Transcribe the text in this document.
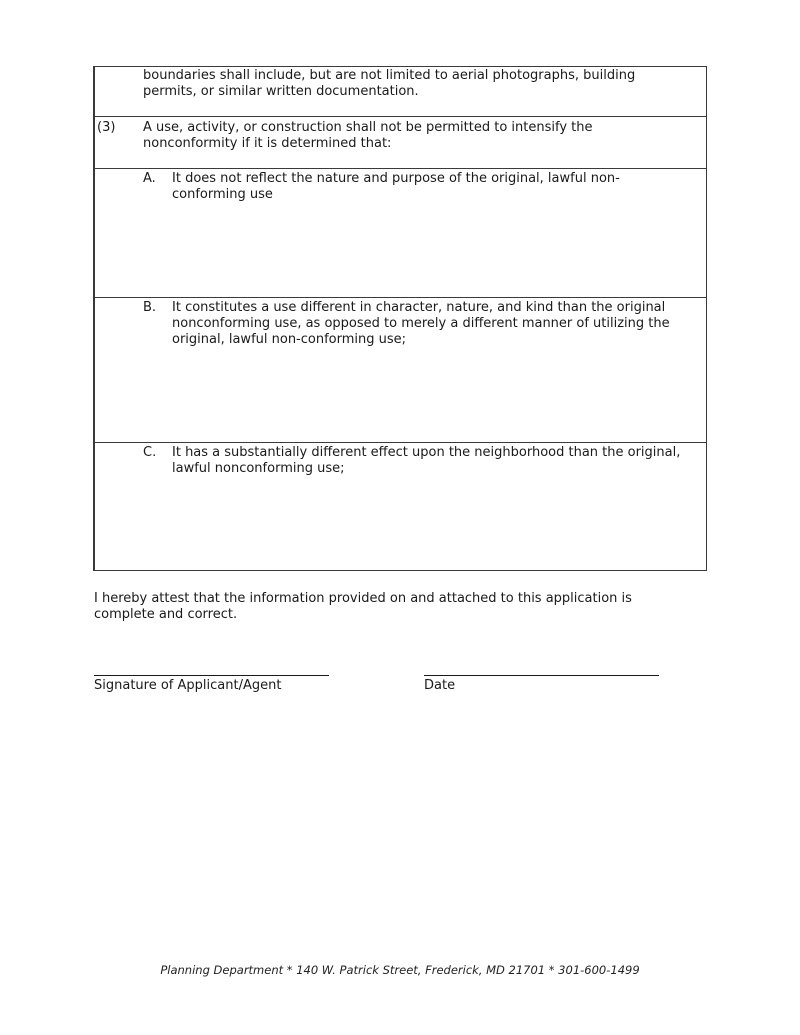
boundaries shall include, but are not limited to aerial photographs, building permits, or similar written documentation.
(3) A use, activity, or construction shall not be permitted to intensify the nonconformity if it is determined that:
A. It does not reflect the nature and purpose of the original, lawful non-conforming use
B. It constitutes a use different in character, nature, and kind than the original nonconforming use, as opposed to merely a different manner of utilizing the original, lawful non-conforming use;
C. It has a substantially different effect upon the neighborhood than the original, lawful nonconforming use;
I hereby attest that the information provided on and attached to this application is complete and correct.
Signature of Applicant/Agent	Date
Planning Department * 140 W. Patrick Street, Frederick, MD 21701 * 301-600-1499
